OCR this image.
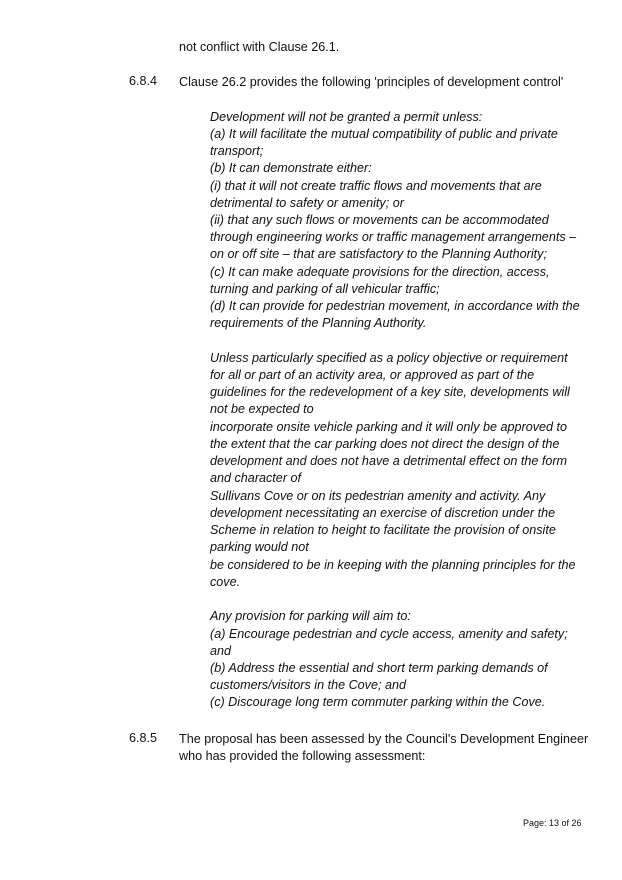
not conflict with Clause 26.1.
6.8.4 Clause 26.2 provides the following 'principles of development control'
Development will not be granted a permit unless:
(a) It will facilitate the mutual compatibility of public and private
transport;
(b) It can demonstrate either:
(i) that it will not create traffic flows and movements that are
detrimental to safety or amenity; or
(ii) that any such flows or movements can be accommodated
through engineering works or traffic management arrangements –
on or off site – that are satisfactory to the Planning Authority;
(c) It can make adequate provisions for the direction, access,
turning and parking of all vehicular traffic;
(d) It can provide for pedestrian movement, in accordance with the
requirements of the Planning Authority.
Unless particularly specified as a policy objective or requirement
for all or part of an activity area, or approved as part of the
guidelines for the redevelopment of a key site, developments will
not be expected to
incorporate onsite vehicle parking and it will only be approved to
the extent that the car parking does not direct the design of the
development and does not have a detrimental effect on the form
and character of
Sullivans Cove or on its pedestrian amenity and activity. Any
development necessitating an exercise of discretion under the
Scheme in relation to height to facilitate the provision of onsite
parking would not
be considered to be in keeping with the planning principles for the
cove.
Any provision for parking will aim to:
(a) Encourage pedestrian and cycle access, amenity and safety;
and
(b) Address the essential and short term parking demands of
customers/visitors in the Cove; and
(c) Discourage long term commuter parking within the Cove.
6.8.5 The proposal has been assessed by the Council's Development Engineer
who has provided the following assessment:
Page: 13 of 26
